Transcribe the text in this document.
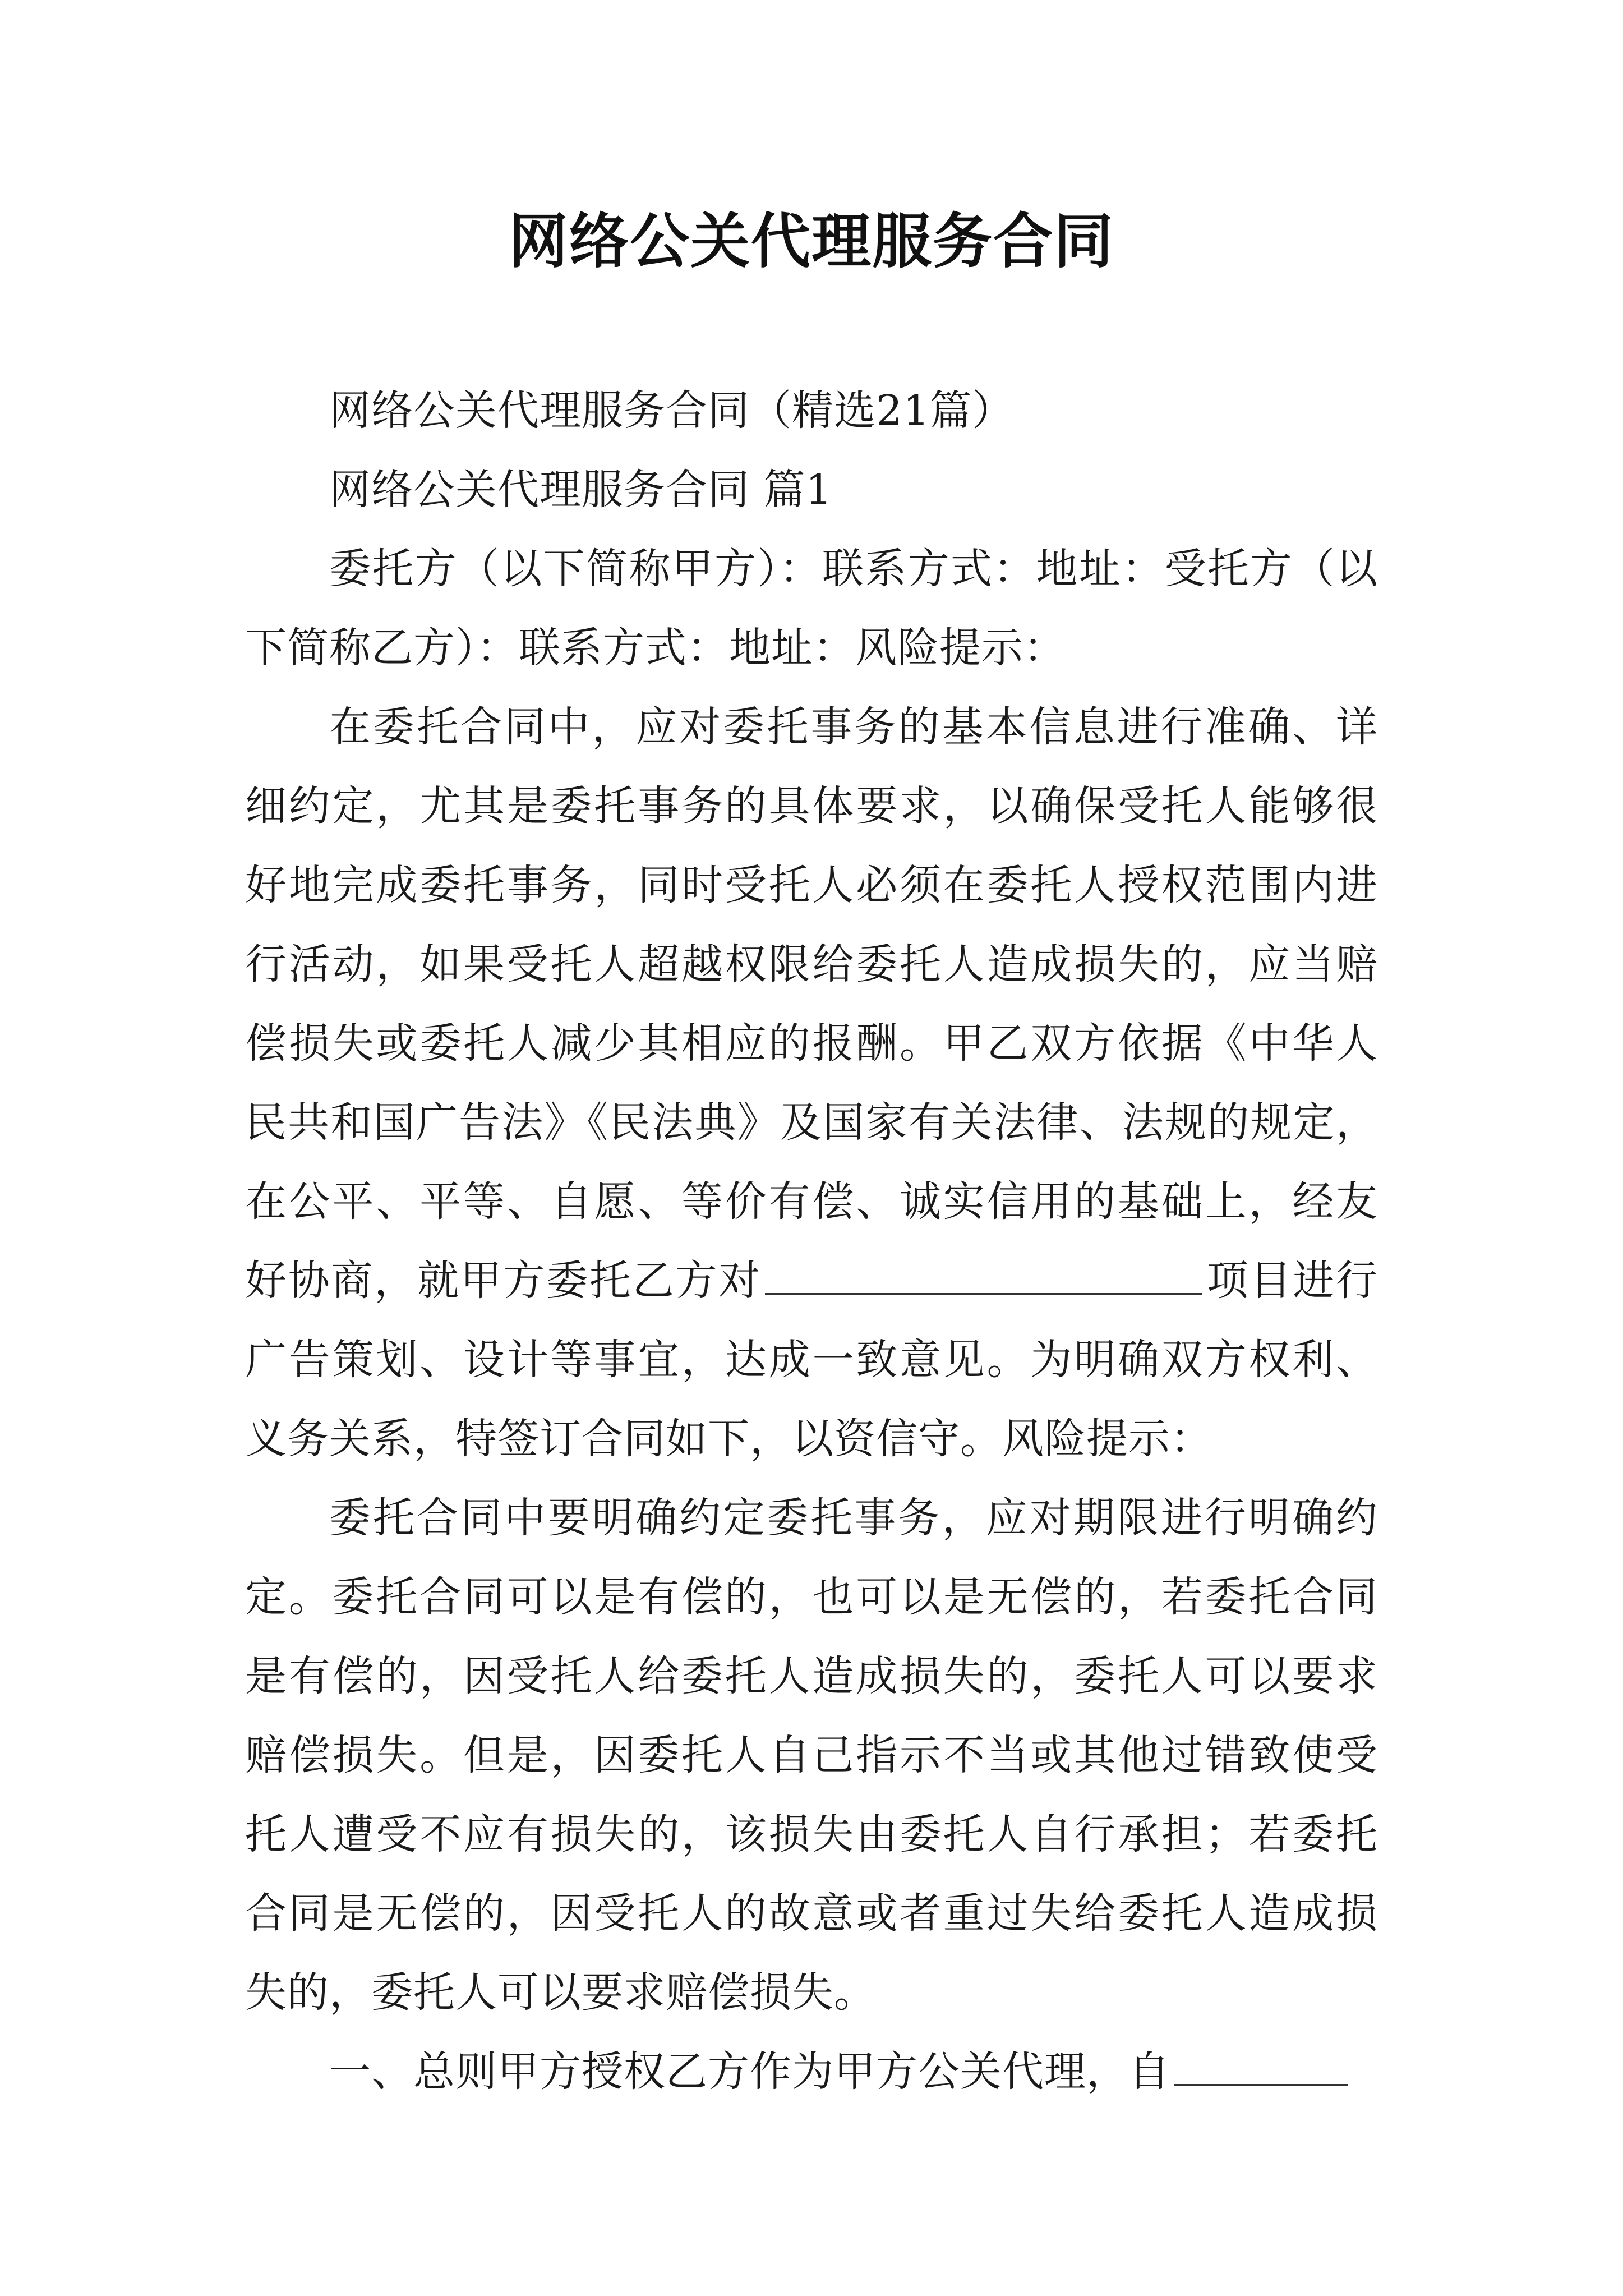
网络公关代理服务合同

网络公关代理服务合同（精选21篇）

网络公关代理服务合同 篇1

委托方（以下简称甲方）：联系方式：地址：受托方（以下简称乙方）：联系方式：地址：风险提示：

在委托合同中，应对委托事务的基本信息进行准确、详细约定，尤其是委托事务的具体要求，以确保受托人能够很好地完成委托事务，同时受托人必须在委托人授权范围内进行活动，如果受托人超越权限给委托人造成损失的，应当赔偿损失或委托人减少其相应的报酬。甲乙双方依据《中华人民共和国广告法》《民法典》及国家有关法律、法规的规定，在公平、平等、自愿、等价有偿、诚实信用的基础上，经友好协商，就甲方委托乙方对	项目进行广告策划、设计等事宜，达成一致意见。为明确双方权利、义务关系，特签订合同如下，以资信守。风险提示：

委托合同中要明确约定委托事务，应对期限进行明确约定。委托合同可以是有偿的，也可以是无偿的，若委托合同是有偿的，因受托人给委托人造成损失的，委托人可以要求赔偿损失。但是，因委托人自己指示不当或其他过错致使受托人遭受不应有损失的，该损失由委托人自行承担；若委托合同是无偿的，因受托人的故意或者重过失给委托人造成损失的，委托人可以要求赔偿损失。

一、总则甲方授权乙方作为甲方公关代理，自
